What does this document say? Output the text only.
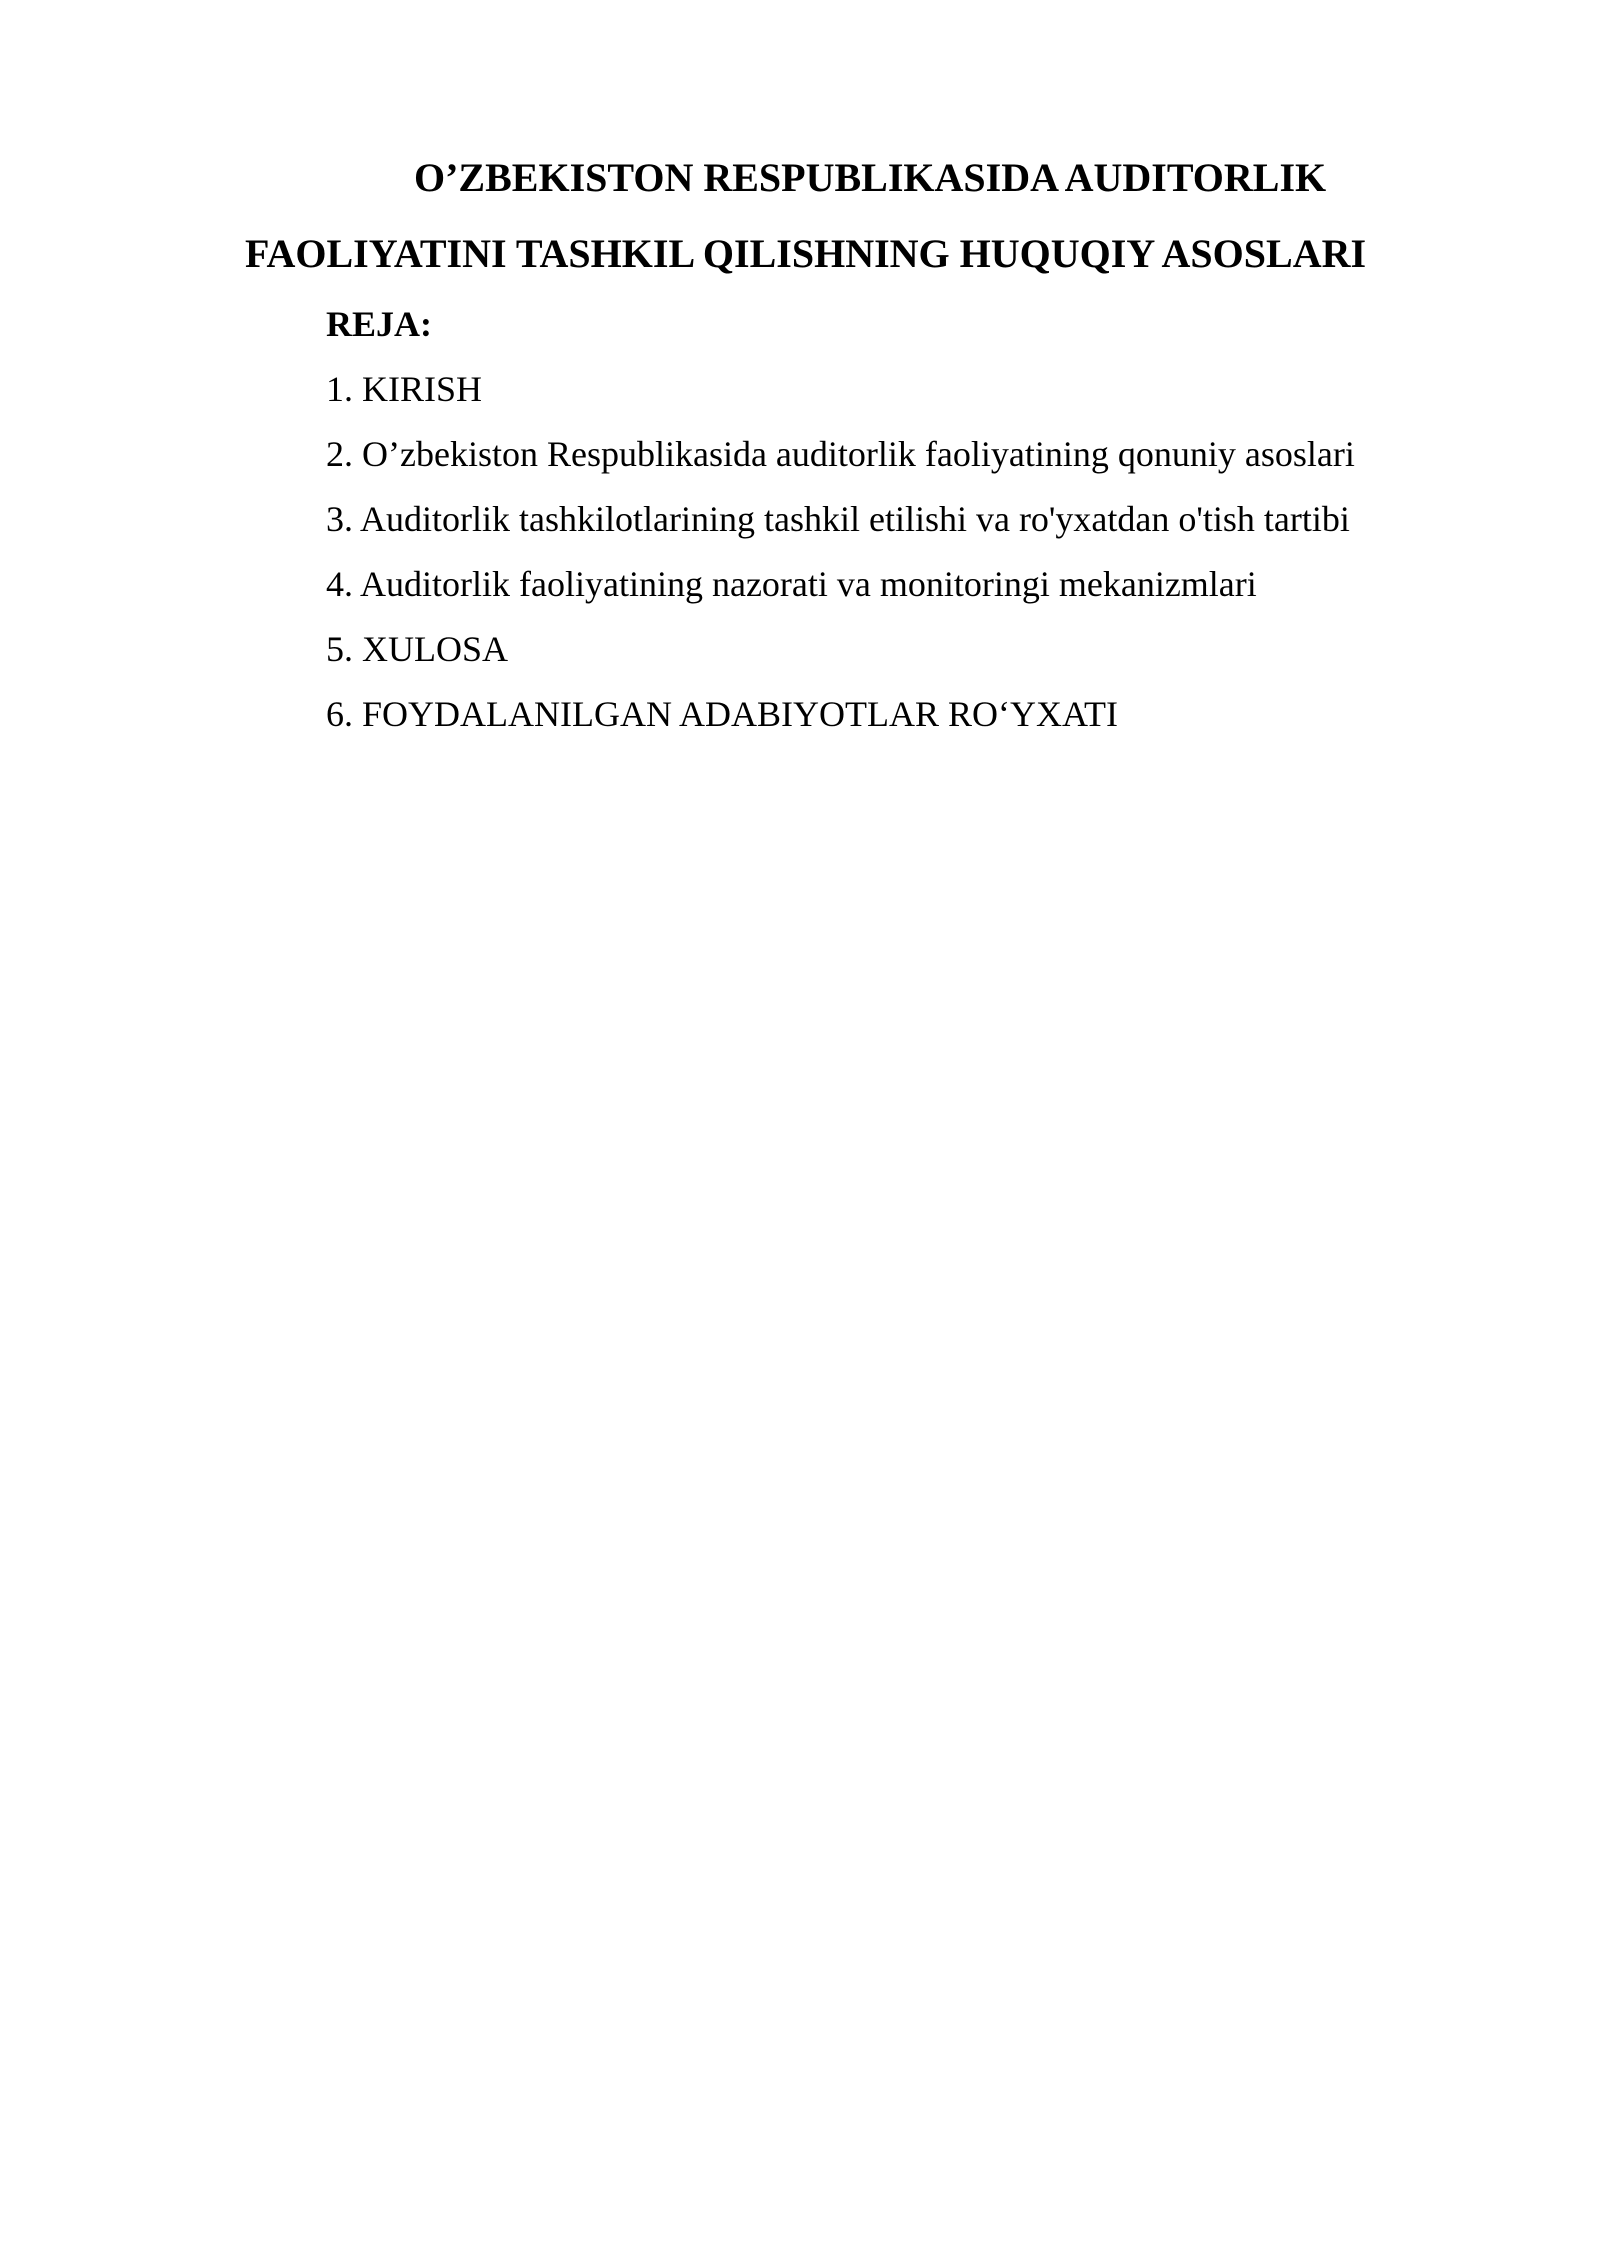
O’ZBEKISTON RESPUBLIKASIDA AUDITORLIK
FAOLIYATINI TASHKIL QILISHNING HUQUQIY ASOSLARI
REJA:
1. KIRISH
2. O’zbekiston Respublikasida auditorlik faoliyatining qonuniy asoslari
3. Auditorlik tashkilotlarining tashkil etilishi va ro'yxatdan o'tish tartibi
4. Auditorlik faoliyatining nazorati va monitoringi mekanizmlari
5. XULOSA
6. FOYDALANILGAN ADABIYOTLAR RO‘YXATI
